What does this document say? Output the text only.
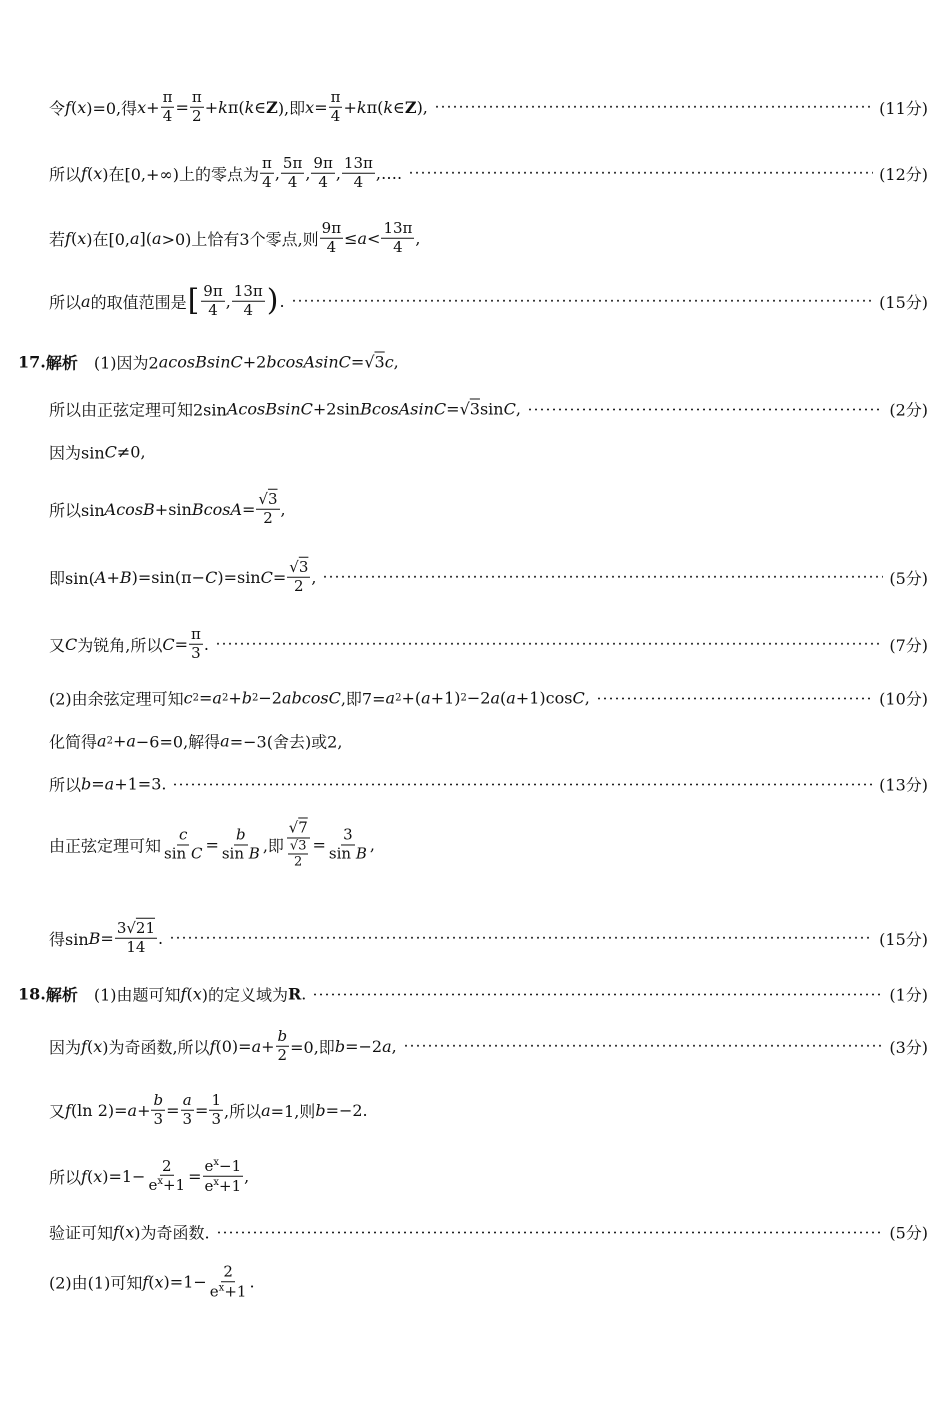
令 f ( x )=0,得 $x + \frac{\pi}{4} = \frac{\pi}{2} + k$ π( k ∈ Z ),即 $x = \frac{\pi}{4} + k$ π( k ∈ Z ),	(11分)
所以 f ( x )在[0,+∞)上的零点为 $\frac{\pi}{4}$ , $\frac{5\pi}{4}$ , $\frac{9\pi}{4}$ , $\frac{13\pi}{4}$ ,….	(12分)
若 f ( x )在[0, a ]( a >0)上恰有3个零点,则 $\frac{9\pi}{4} \le a < \frac{13\pi}{4}$ ,
所以 a 的取值范围是 [ $\frac{9\pi}{4}$ , $\frac{13\pi}{4}$ ) .	(15分)
17. 解析 (1)因为2 a c o s B s i n C +2 b c o s A s i n C =√ 3 c ,
所以由正弦定理可知2sin A c o s B s i n C +2sin B c o s A s i n C =√ 3 sin C ,	(2分)
因为sin C ≠0,
所以sin A c o s B +sin B c o s $A = \frac{√3}{2}$ ,
即sin( A + B )=sin(π− C )=sin $C = \frac{√3}{2}$ ,	(5分)
又 C 为锐角,所以 $C = \frac{\pi}{3}$ .	(7分)
(2)由余弦定理可知 c 2 = a 2 + b 2 −2 a b c o s C ,即7= a 2 +( a +1) 2 −2 a ( a +1)cos C ,	(10分)
化简得 a 2 + a −6=0,解得 a =−3(舍去)或2,
所以 b = a +1=3.	(13分)
由正弦定理可知 $\frac{c}{\text{sin C}} = \frac{b}{\text{sin B}}$ ,即 $\frac{√7}{\frac{√3}{2}} = \frac{3}{\text{sin B}}$ ,
得$\sin B = \frac{3√21}{14}$ .	(15分)
18. 解析 (1)由题可知 f ( x )的定义域为 R .	(1分)
因为 f ( x )为奇函数,所以 f $(0)= a + \frac{b}{2} =0$,即 b =−2 a ,	(3分)
又 f (ln $2)= a + \frac{b}{3} = \frac{a}{3} = \frac{1}{3}$ ,所以 a =1,则 b =−2.
所以 f ( x )$=1- \frac{2}{e^x+1} = \frac{e^x-1}{e^x+1}$ ,
验证可知 f ( x )为奇函数.	(5分)
(2)由(1)可知 f ( x )$=1- \frac{2}{e^x+1}$ .
